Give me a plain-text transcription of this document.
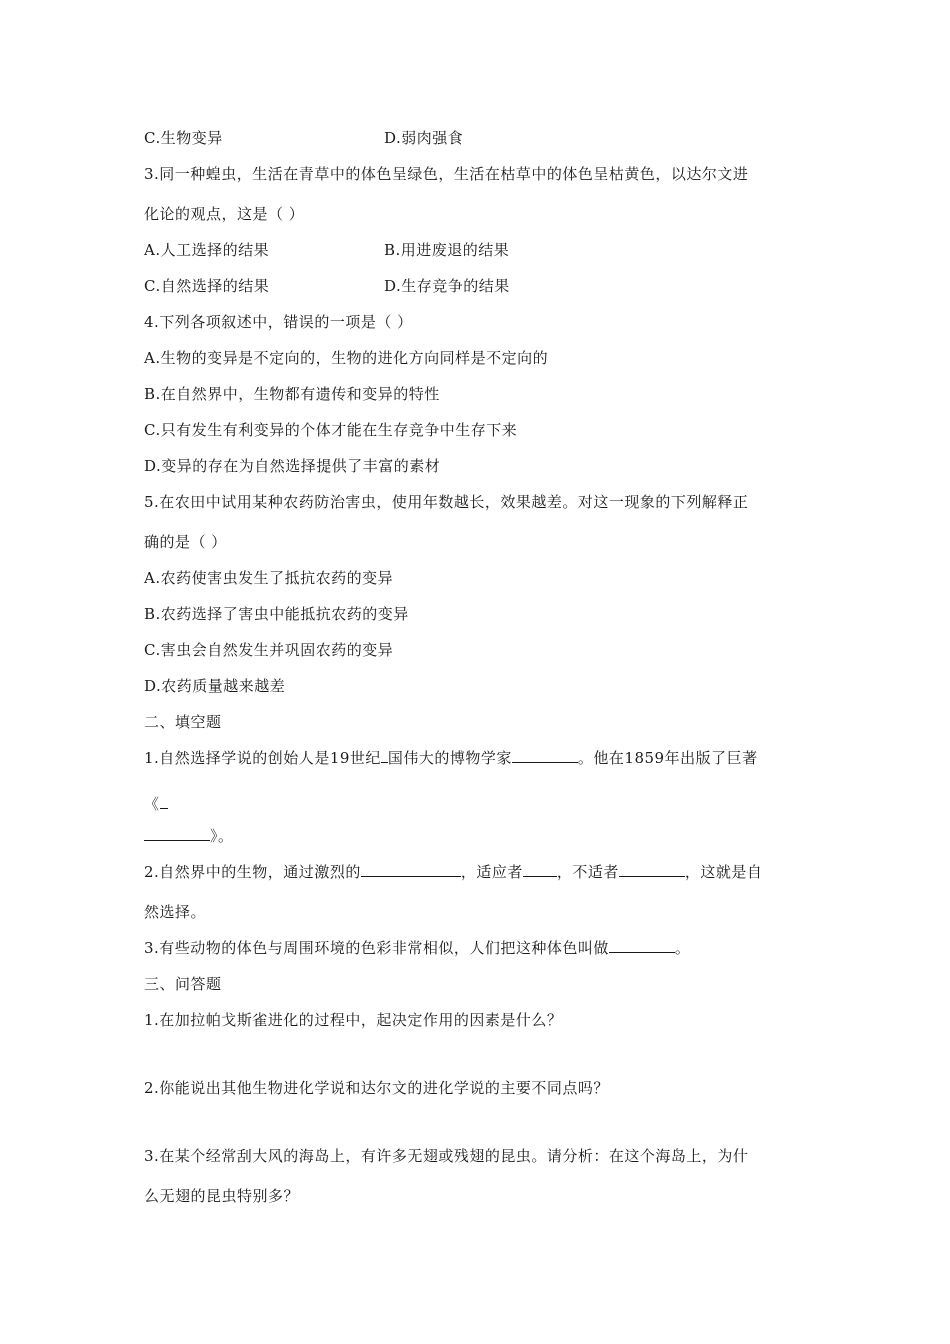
C.生物变异	D.弱肉强食
3.同一种蝗虫，生活在青草中的体色呈绿色，生活在枯草中的体色呈枯黄色，以达尔文进
化论的观点，这是（ ）
A.人工选择的结果	B.用进废退的结果
C.自然选择的结果	D.生存竞争的结果
4.下列各项叙述中，错误的一项是（ ）
A.生物的变异是不定向的，生物的进化方向同样是不定向的
B.在自然界中，生物都有遗传和变异的特性
C.只有发生有利变异的个体才能在生存竞争中生存下来
D.变异的存在为自然选择提供了丰富的素材
5.在农田中试用某种农药防治害虫，使用年数越长，效果越差。对这一现象的下列解释正
确的是（ ）
A.农药使害虫发生了抵抗农药的变异
B.农药选择了害虫中能抵抗农药的变异
C.害虫会自然发生并巩固农药的变异
D.农药质量越来越差
二、填空题
1.自然选择学说的创始人是19世纪 国伟大的博物学家	。他在1859年出版了巨著
《
》。
2.自然界中的生物，通过激烈的	，适应者 ，不适者	，这就是自
然选择。
3.有些动物的体色与周围环境的色彩非常相似，人们把这种体色叫做	。
三、问答题
1.在加拉帕戈斯雀进化的过程中，起决定作用的因素是什么？
2.你能说出其他生物进化学说和达尔文的进化学说的主要不同点吗？
3.在某个经常刮大风的海岛上，有许多无翅或残翅的昆虫。请分析：在这个海岛上，为什
么无翅的昆虫特别多？
